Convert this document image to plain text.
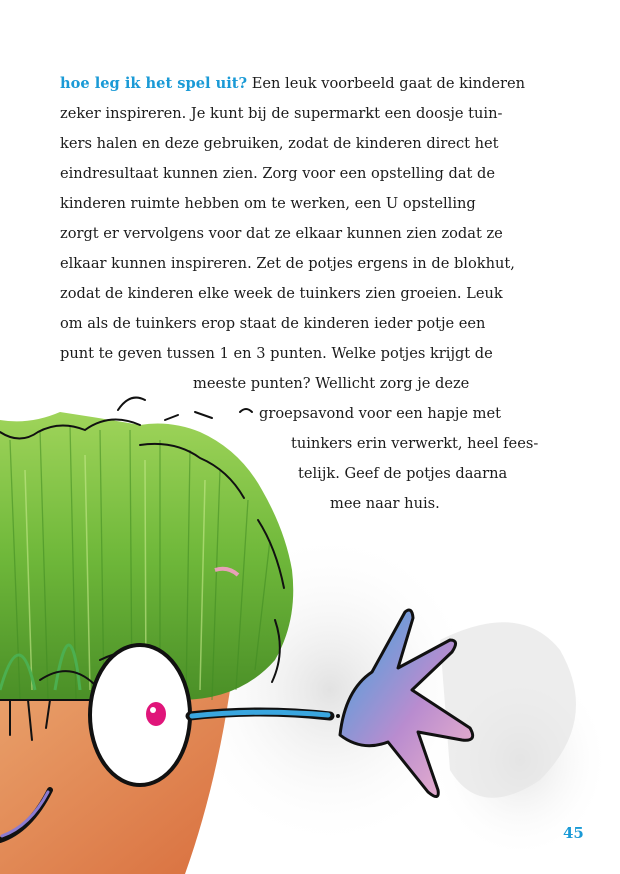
hoe leg ik het spel uit? Een leuk voorbeeld gaat de kinderen

zeker inspireren. Je kunt bij de supermarkt een doosje tuin-

kers halen en deze gebruiken, zodat de kinderen direct het

eindresultaat kunnen zien. Zorg voor een opstelling dat de

kinderen ruimte hebben om te werken, een U opstelling

zorgt er vervolgens voor dat ze elkaar kunnen zien zodat ze

elkaar kunnen inspireren. Zet de potjes ergens in de blokhut,

zodat de kinderen elke week de tuinkers zien groeien. Leuk

om als de tuinkers erop staat de kinderen ieder potje een

punt te geven tussen 1 en 3 punten. Welke potjes krijgt de

meeste punten? Wellicht zorg je deze

groepsavond voor een hapje met

tuinkers erin verwerkt, heel fees-

telijk. Geef de potjes daarna

mee naar huis.

45
